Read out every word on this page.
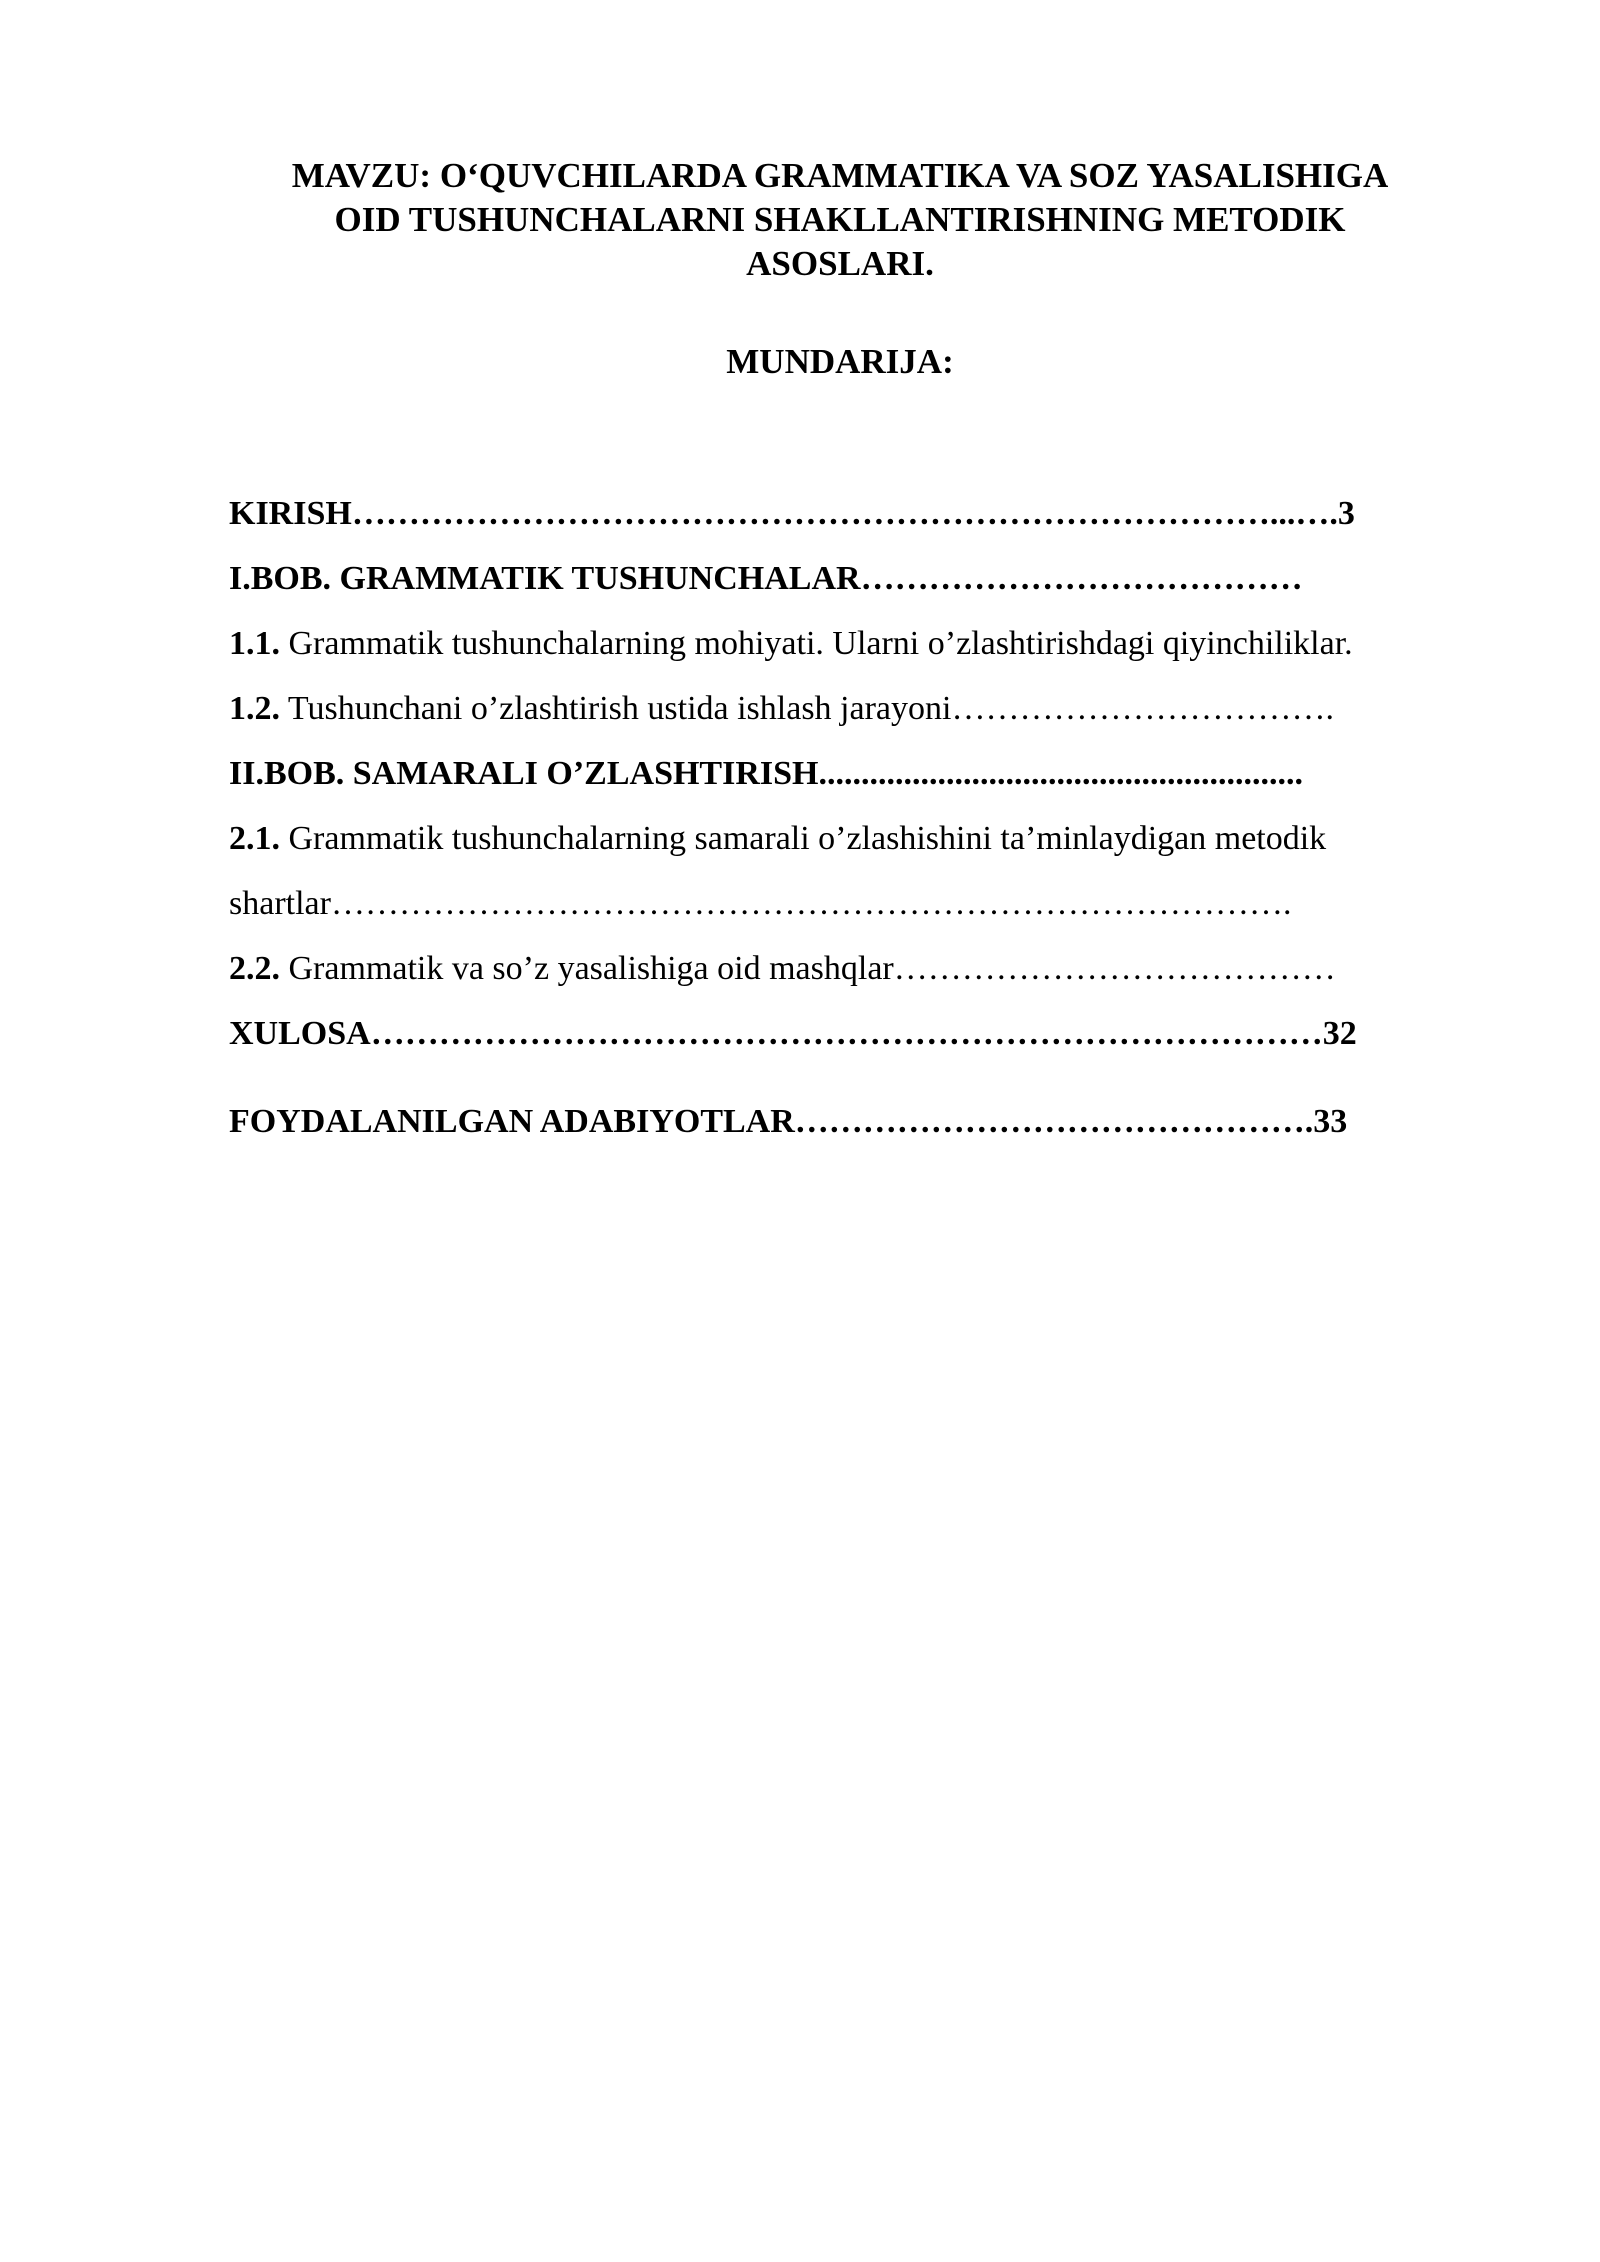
MAVZU: O‘QUVCHILARDA GRAMMATIKA VA SOZ YASALISHIGA
OID TUSHUNCHALARNI SHAKLLANTIRISHNING METODIK
ASOSLARI.
MUNDARIJA:
KIRISH………………………………………………………………………...….3
I.BOB. GRAMMATIK TUSHUNCHALAR…………………………………
1.1. Grammatik tushunchalarning mohiyati. Ularni o’zlashtirishdagi qiyinchiliklar.
1.2. Tushunchani o’zlashtirish ustida ishlash jarayoni…………………………….
II.BOB. SAMARALI O’ZLASHTIRISH.........................................................
2.1. Grammatik tushunchalarning samarali o’zlashishini ta’minlaydigan metodik
shartlar………………………………………………………………………….
2.2. Grammatik va so’z yasalishiga oid mashqlar…………………………………
XULOSA…………………………………………………………………………32
FOYDALANILGAN ADABIYOTLAR……………………………………….33
